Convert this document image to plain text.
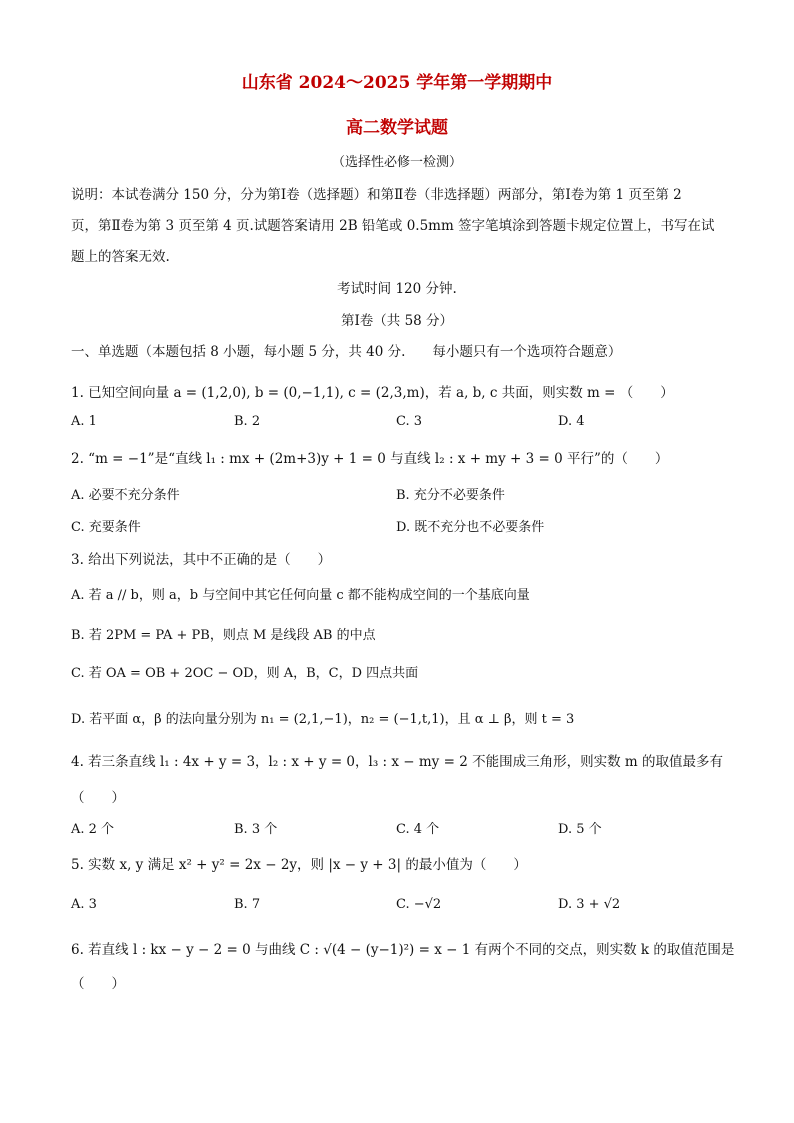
山东省 2024～2025 学年第一学期期中
高二数学试题
（选择性必修一检测）
说明：本试卷满分 150 分，分为第Ⅰ卷（选择题）和第Ⅱ卷（非选择题）两部分，第Ⅰ卷为第 1 页至第 2
页，第Ⅱ卷为第 3 页至第 4 页.试题答案请用 2B 铅笔或 0.5mm 签字笔填涂到答题卡规定位置上，书写在试
题上的答案无效.
考试时间 120 分钟.
第Ⅰ卷（共 58 分）
一、单选题（本题包括 8 小题，每小题 5 分，共 40 分.　　每小题只有一个选项符合题意）
1. 已知空间向量 a = (1,2,0), b = (0,−1,1), c = (2,3,m)，若 a, b, c 共面，则实数 m = （　　）
A. 1	B. 2	C. 3	D. 4
2. “m = −1”是“直线 l₁ : mx + (2m+3)y + 1 = 0 与直线 l₂ : x + my + 3 = 0 平行”的（　　）
A. 必要不充分条件	B. 充分不必要条件
C. 充要条件	D. 既不充分也不必要条件
3. 给出下列说法，其中不正确的是（　　）
A. 若 a // b，则 a，b 与空间中其它任何向量 c 都不能构成空间的一个基底向量
B. 若 2PM = PA + PB，则点 M 是线段 AB 的中点
C. 若 OA = OB + 2OC − OD，则 A，B，C，D 四点共面
D. 若平面 α，β 的法向量分别为 n₁ = (2,1,−1)，n₂ = (−1,t,1)，且 α ⊥ β，则 t = 3
4. 若三条直线 l₁ : 4x + y = 3，l₂ : x + y = 0，l₃ : x − my = 2 不能围成三角形，则实数 m 的取值最多有
（　　）
A. 2 个	B. 3 个	C. 4 个	D. 5 个
5. 实数 x, y 满足 x² + y² = 2x − 2y，则 |x − y + 3| 的最小值为（　　）
A. 3	B. 7	C. −√2	D. 3 + √2
6. 若直线 l : kx − y − 2 = 0 与曲线 C : √(4 − (y−1)²) = x − 1 有两个不同的交点，则实数 k 的取值范围是
（　　）
